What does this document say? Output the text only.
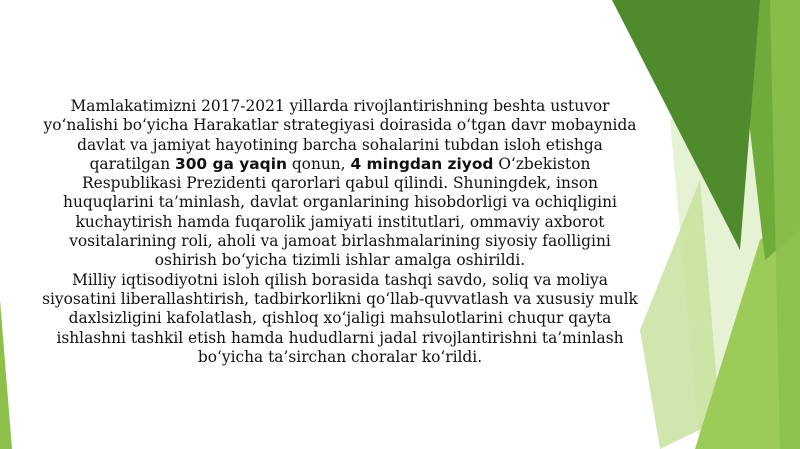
Mamlakatimizni 2017-2021 yillarda rivojlantirishning beshta ustuvor yo‘nalishi bo‘yicha Harakatlar strategiyasi doirasida o‘tgan davr mobaynida davlat va jamiyat hayotining barcha sohalarini tubdan isloh etishga qaratilgan 300 ga yaqin qonun, 4 mingdan ziyod O‘zbekiston Respublikasi Prezidenti qarorlari qabul qilindi. Shuningdek, inson huquqlarini ta’minlash, davlat organlarining hisobdorligi va ochiqligini kuchaytirish hamda fuqarolik jamiyati institutlari, ommaviy axborot vositalarining roli, aholi va jamoat birlashmalarining siyosiy faolligini oshirish bo‘yicha tizimli ishlar amalga oshirildi.

Milliy iqtisodiyotni isloh qilish borasida tashqi savdo, soliq va moliya siyosatini liberallashtirish, tadbirkorlikni qo‘llab-quvvatlash va xususiy mulk daxlsizligini kafolatlash, qishloq xo‘jaligi mahsulotlarini chuqur qayta ishlashni tashkil etish hamda hududlarni jadal rivojlantirishni ta’minlash bo‘yicha ta’sirchan choralar ko‘rildi.
